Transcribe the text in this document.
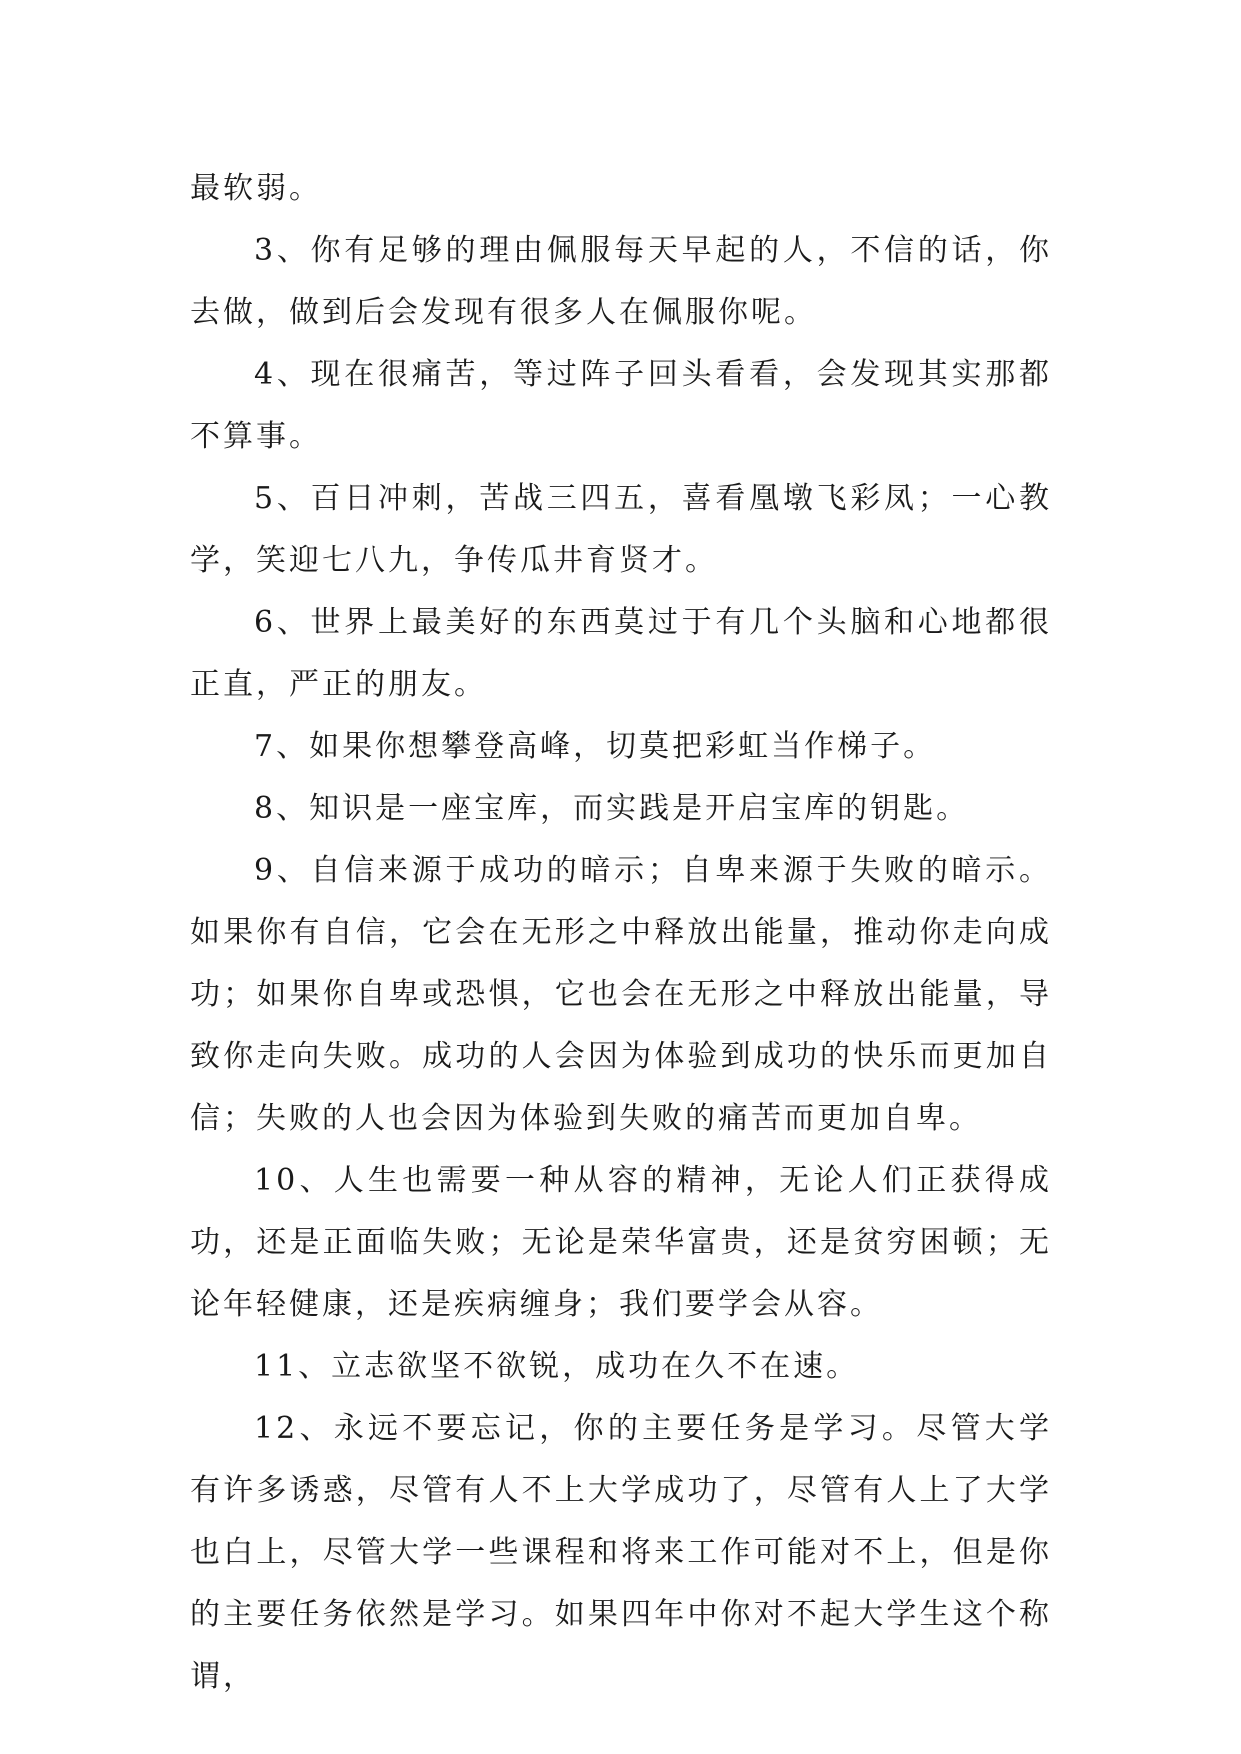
最软弱。

3、你有足够的理由佩服每天早起的人，不信的话，你去做，做到后会发现有很多人在佩服你呢。

4、现在很痛苦，等过阵子回头看看，会发现其实那都不算事。

5、百日冲刺，苦战三四五，喜看凰墩飞彩凤；一心教学，笑迎七八九，争传瓜井育贤才。

6、世界上最美好的东西莫过于有几个头脑和心地都很正直，严正的朋友。

7、如果你想攀登高峰，切莫把彩虹当作梯子。

8、知识是一座宝库，而实践是开启宝库的钥匙。

9、自信来源于成功的暗示；自卑来源于失败的暗示。如果你有自信，它会在无形之中释放出能量，推动你走向成功；如果你自卑或恐惧，它也会在无形之中释放出能量，导致你走向失败。成功的人会因为体验到成功的快乐而更加自信；失败的人也会因为体验到失败的痛苦而更加自卑。

10、人生也需要一种从容的精神，无论人们正获得成功，还是正面临失败；无论是荣华富贵，还是贫穷困顿；无论年轻健康，还是疾病缠身；我们要学会从容。

11、立志欲坚不欲锐，成功在久不在速。

12、永远不要忘记，你的主要任务是学习。尽管大学有许多诱惑，尽管有人不上大学成功了，尽管有人上了大学也白上，尽管大学一些课程和将来工作可能对不上，但是你的主要任务依然是学习。如果四年中你对不起大学生这个称谓，
